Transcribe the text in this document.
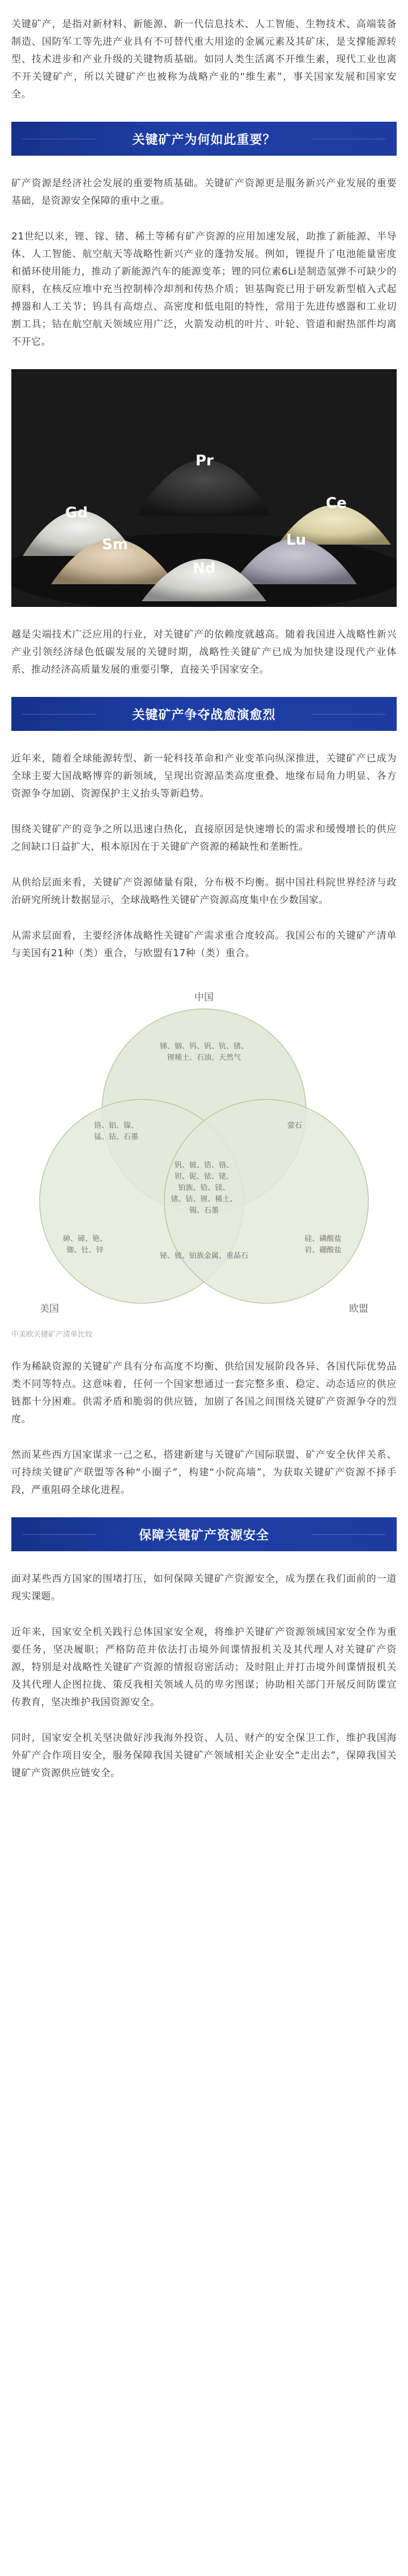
关键矿产，是指对新材料、新能源、新一代信息技术、人工智能、生物技术、高端装备制造、国防军工等先进产业具有不可替代重大用途的金属元素及其矿床，是支撑能源转型、技术进步和产业升级的关键物质基础。如同人类生活离不开维生素，现代工业也离不开关键矿产，所以关键矿产也被称为战略产业的“维生素”，事关国家发展和国家安全。

关键矿产为何如此重要？

矿产资源是经济社会发展的重要物质基础。关键矿产资源更是服务新兴产业发展的重要基础，是资源安全保障的重中之重。

21世纪以来，锂、镓、锗、稀土等稀有矿产资源的应用加速发展，助推了新能源、半导体、人工智能、航空航天等战略性新兴产业的蓬勃发展。例如，锂提升了电池能量密度和循环使用能力，推动了新能源汽车的能源变革；锂的同位素6Li是制造氢弹不可缺少的原料，在核反应堆中充当控制棒冷却剂和传热介质；钽基陶瓷已用于研发新型植入式起搏器和人工关节；钨具有高熔点、高密度和低电阻的特性，常用于先进传感器和工业切割工具；钴在航空航天领域应用广泛，火箭发动机的叶片、叶轮、管道和耐热部件均离不开它。

Gd
Pr
Ce
Sm
Nd
Lu

越是尖端技术广泛应用的行业，对关键矿产的依赖度就越高。随着我国进入战略性新兴产业引领经济绿色低碳发展的关键时期，战略性关键矿产已成为加快建设现代产业体系、推动经济高质量发展的重要引擎，直接关乎国家安全。

关键矿产争夺战愈演愈烈

近年来，随着全球能源转型、新一轮科技革命和产业变革向纵深推进，关键矿产已成为全球主要大国战略博弈的新领域，呈现出资源品类高度重叠、地缘布局角力明显、各方资源争夺加剧、资源保护主义抬头等新趋势。

围绕关键矿产的竞争之所以迅速白热化，直接原因是快速增长的需求和缓慢增长的供应之间缺口日益扩大，根本原因在于关键矿产资源的稀缺性和垄断性。

从供给层面来看，关键矿产资源储量有限，分布极不均衡。据中国社科院世界经济与政治研究所统计数据显示，全球战略性关键矿产资源高度集中在少数国家。

从需求层面看，主要经济体战略性关键矿产需求重合度较高。我国公布的关键矿产清单与美国有21种（类）重合，与欧盟有17种（类）重合。

中国
美国	欧盟
锑、铟、钨、钒、钪、锗、锂稀土、石油、天然气
萤石
铬、铝、镍、锰、钴、石墨
钒、铍、锆、铬、钽、铌、铱、铑、铂族、铪、镁、锗、钴、锂、稀土、锡、石墨
铋、铍、铂族金属、重晶石
砷、碲、铯、铷、钍、锌
硅、磷酸盐岩、硼酸盐
中美欧关键矿产清单比较

作为稀缺资源的关键矿产具有分布高度不均衡、供给国发展阶段各异、各国代际优势品类不同等特点。这意味着，任何一个国家想通过一套完整多重、稳定、动态适应的供应链都十分困难。供需矛盾和脆弱的供应链，加剧了各国之间围绕关键矿产资源争夺的烈度。

然而某些西方国家谋求一己之私，搭建新建与关键矿产国际联盟、矿产安全伙伴关系、可持续关键矿产联盟等各种“小圈子”，构建“小院高墙”，为获取关键矿产资源不择手段，严重阻碍全球化进程。

保障关键矿产资源安全

面对某些西方国家的围堵打压，如何保障关键矿产资源安全，成为摆在我们面前的一道现实课题。

近年来，国家安全机关践行总体国家安全观，将维护关键矿产资源领域国家安全作为重要任务，坚决履职；严格防范并依法打击境外间谍情报机关及其代理人对关键矿产资源，特别是对战略性关键矿产资源的情报窃密活动；及时阻止并打击境外间谍情报机关及其代理人企图拉拢、策反我相关领域人员的卑劣图谋；协助相关部门开展反间防谍宣传教育，坚决维护我国资源安全。

同时，国家安全机关坚决做好涉我海外投资、人员、财产的安全保卫工作，维护我国海外矿产合作项目安全，服务保障我国关键矿产领域相关企业安全“走出去”，保障我国关键矿产资源供应链安全。
